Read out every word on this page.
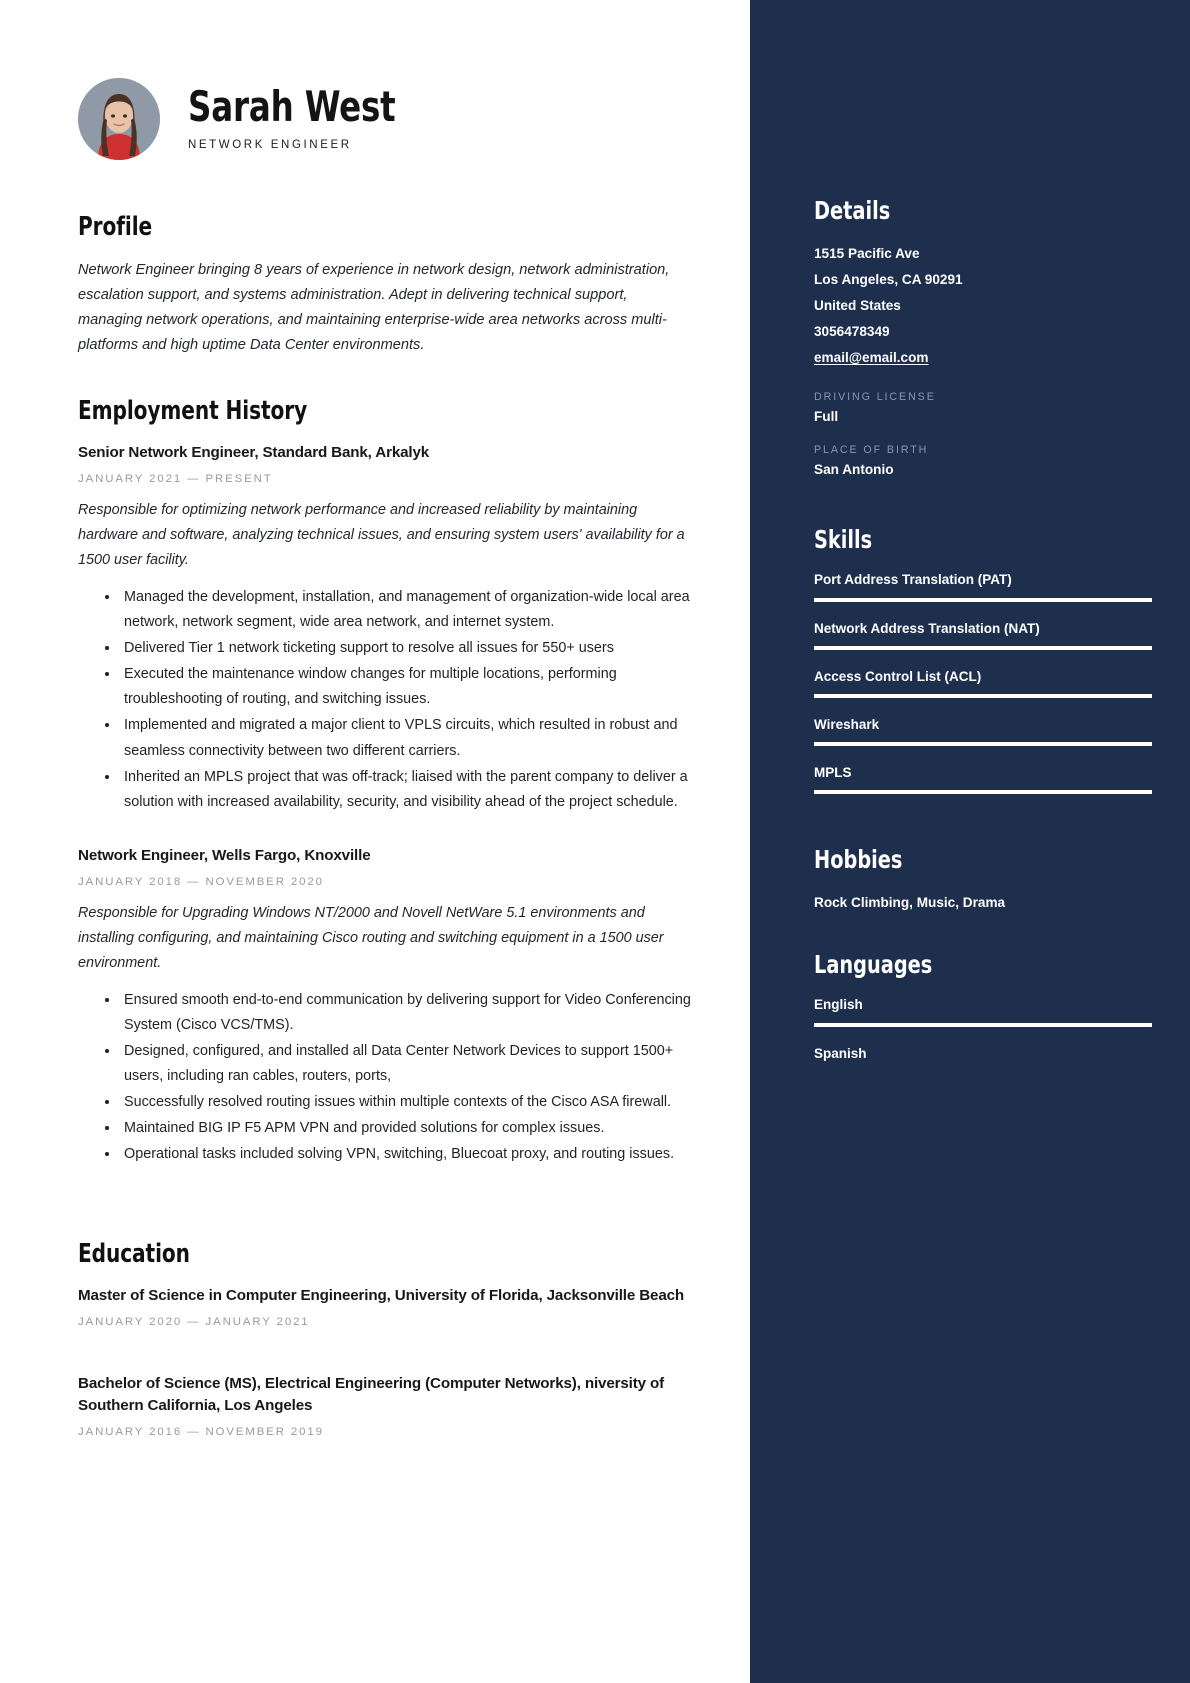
Sarah West
NETWORK ENGINEER
Profile
Network Engineer bringing 8 years of experience in network design, network administration, escalation support, and systems administration. Adept in delivering technical support, managing network operations, and maintaining enterprise-wide area networks across multi-platforms and high uptime Data Center environments.
Employment History
Senior Network Engineer, Standard Bank, Arkalyk
JANUARY 2021 — PRESENT
Responsible for optimizing network performance and increased reliability by maintaining hardware and software, analyzing technical issues, and ensuring system users' availability for a 1500 user facility.
• Managed the development, installation, and management of organization-wide local area network, network segment, wide area network, and internet system.
• Delivered Tier 1 network ticketing support to resolve all issues for 550+ users
• Executed the maintenance window changes for multiple locations, performing troubleshooting of routing, and switching issues.
• Implemented and migrated a major client to VPLS circuits, which resulted in robust and seamless connectivity between two different carriers.
• Inherited an MPLS project that was off-track; liaised with the parent company to deliver a solution with increased availability, security, and visibility ahead of the project schedule.
Network Engineer, Wells Fargo, Knoxville
JANUARY 2018 — NOVEMBER 2020
Responsible for Upgrading Windows NT/2000 and Novell NetWare 5.1 environments and installing configuring, and maintaining Cisco routing and switching equipment in a 1500 user environment.
• Ensured smooth end-to-end communication by delivering support for Video Conferencing System (Cisco VCS/TMS).
• Designed, configured, and installed all Data Center Network Devices to support 1500+ users, including ran cables, routers, ports,
• Successfully resolved routing issues within multiple contexts of the Cisco ASA firewall.
• Maintained BIG IP F5 APM VPN and provided solutions for complex issues.
• Operational tasks included solving VPN, switching, Bluecoat proxy, and routing issues.
Education
Master of Science in Computer Engineering, University of Florida, Jacksonville Beach
JANUARY 2020 — JANUARY 2021
Bachelor of Science (MS), Electrical Engineering (Computer Networks), niversity of Southern California, Los Angeles
JANUARY 2016 — NOVEMBER 2019
Details
1515 Pacific Ave
Los Angeles, CA 90291
United States
3056478349
email@email.com
DRIVING LICENSE
Full
PLACE OF BIRTH
San Antonio
Skills
Port Address Translation (PAT)
Network Address Translation (NAT)
Access Control List (ACL)
Wireshark
MPLS
Hobbies
Rock Climbing, Music, Drama
Languages
English
Spanish
